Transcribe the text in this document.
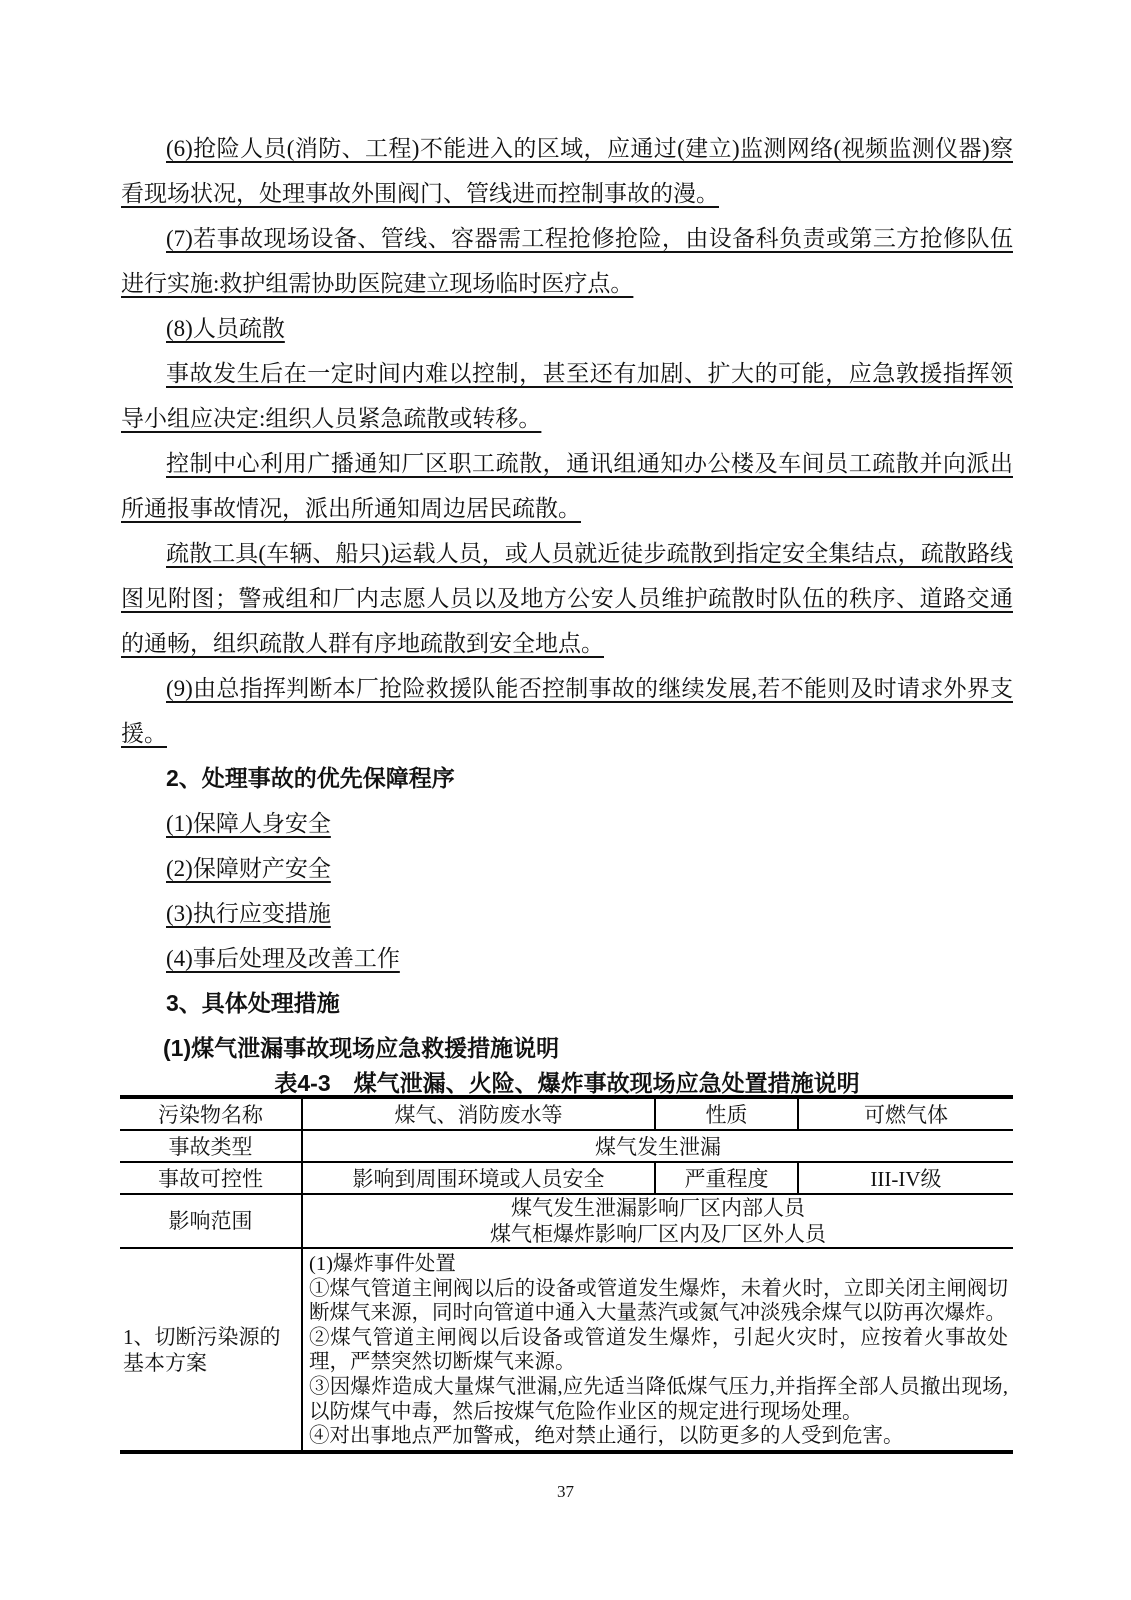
(6)抢险人员(消防、工程)不能进入的区域，应通过(建立)监测网络(视频监测仪器)察看现场状况，处理事故外围阀门、管线进而控制事故的漫。

(7)若事故现场设备、管线、容器需工程抢修抢险，由设备科负责或第三方抢修队伍进行实施:救护组需协助医院建立现场临时医疗点。

(8)人员疏散

事故发生后在一定时间内难以控制，甚至还有加剧、扩大的可能，应急敦援指挥领导小组应决定:组织人员紧急疏散或转移。

控制中心利用广播通知厂区职工疏散，通讯组通知办公楼及车间员工疏散并向派出所通报事故情况，派出所通知周边居民疏散。

疏散工具(车辆、船只)运载人员，或人员就近徒步疏散到指定安全集结点，疏散路线图见附图；警戒组和厂内志愿人员以及地方公安人员维护疏散时队伍的秩序、道路交通的通畅，组织疏散人群有序地疏散到安全地点。

(9)由总指挥判断本厂抢险救援队能否控制事故的继续发展,若不能则及时请求外界支援。

2、处理事故的优先保障程序
(1)保障人身安全
(2)保障财产安全
(3)执行应变措施
(4)事后处理及改善工作
3、具体处理措施
(1)煤气泄漏事故现场应急救援措施说明
表4-3　煤气泄漏、火险、爆炸事故现场应急处置措施说明
污染物名称	煤气、消防废水等	性质	可燃气体
事故类型	煤气发生泄漏		
事故可控性	影响到周围环境或人员安全	严重程度	III-IV级
影响范围	煤气发生泄漏影响厂区内部人员
煤气柜爆炸影响厂区内及厂区外人员		

1、切断污染源的基本方案	(1)爆炸事件处置
①煤气管道主闸阀以后的设备或管道发生爆炸，未着火时，立即关闭主闸阀切断煤气来源，同时向管道中通入大量蒸汽或氮气冲淡残余煤气以防再次爆炸。
②煤气管道主闸阀以后设备或管道发生爆炸，引起火灾时，应按着火事故处理，严禁突然切断煤气来源。
③因爆炸造成大量煤气泄漏,应先适当降低煤气压力,并指挥全部人员撤出现场,以防煤气中毒，然后按煤气危险作业区的规定进行现场处理。
④对出事地点严加警戒，绝对禁止通行，以防更多的人受到危害。		
37
